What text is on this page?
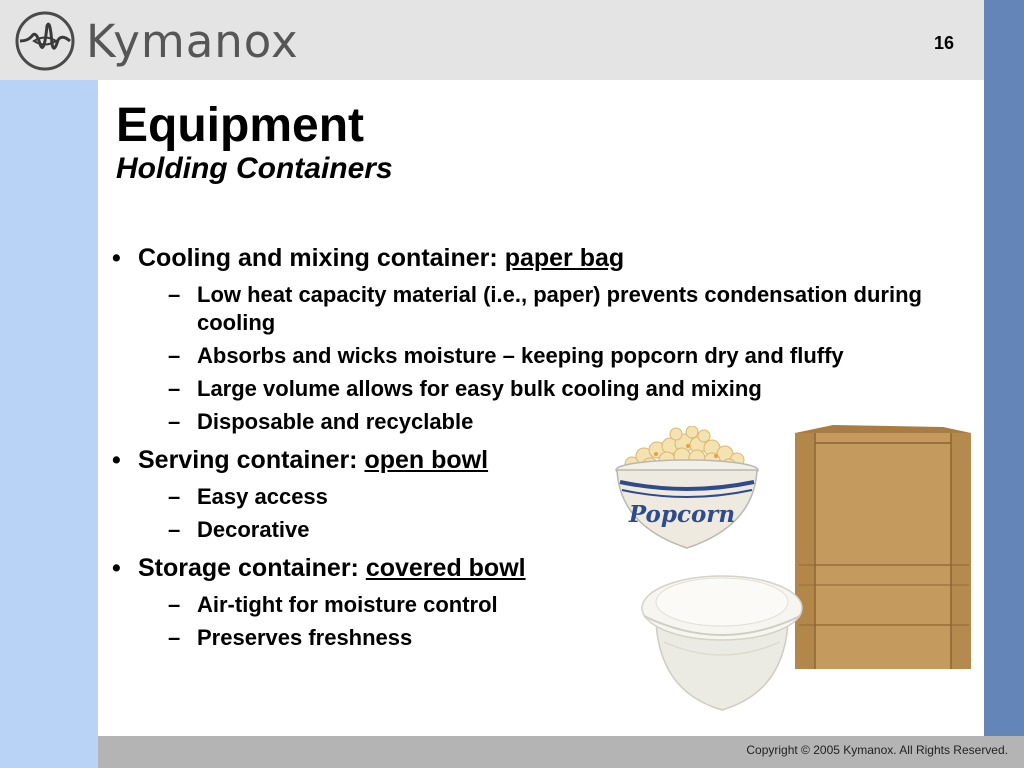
Kymanox	16
Equipment
Holding Containers
• Cooling and mixing container: paper bag
– Low heat capacity material (i.e., paper) prevents condensation during cooling
– Absorbs and wicks moisture – keeping popcorn dry and fluffy
– Large volume allows for easy bulk cooling and mixing
– Disposable and recyclable
• Serving container: open bowl
– Easy access
– Decorative
• Storage container: covered bowl
– Air-tight for moisture control
– Preserves freshness
Popcorn
Copyright © 2005 Kymanox. All Rights Reserved.
